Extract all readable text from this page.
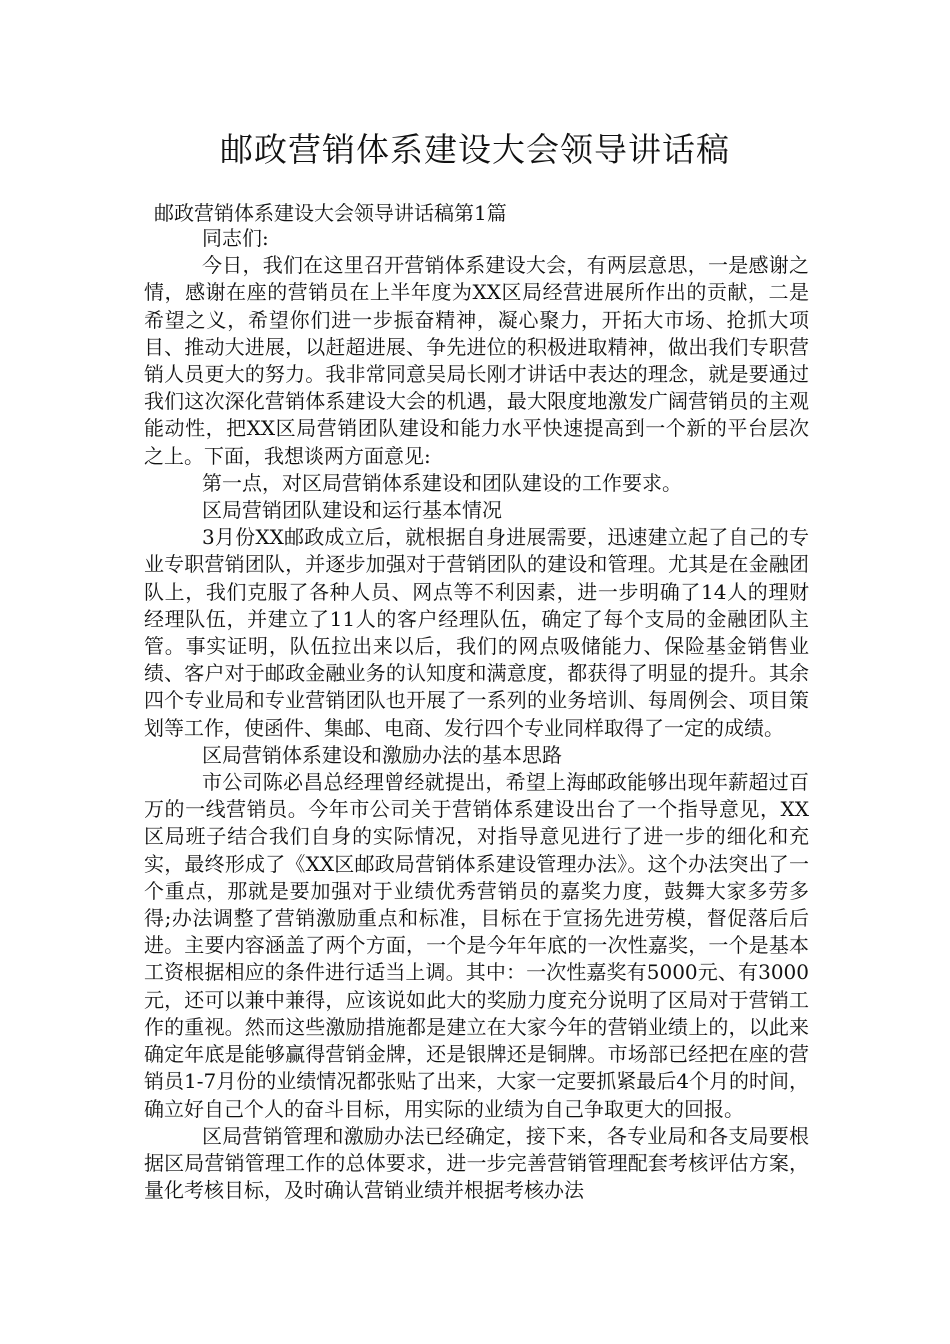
邮政营销体系建设大会领导讲话稿

邮政营销体系建设大会领导讲话稿第1篇

同志们:

今日，我们在这里召开营销体系建设大会，有两层意思，一是感谢之情，感谢在座的营销员在上半年度为XX区局经营进展所作出的贡献，二是希望之义，希望你们进一步振奋精神，凝心聚力，开拓大市场、抢抓大项目、推动大进展，以赶超进展、争先进位的积极进取精神，做出我们专职营销人员更大的努力。我非常同意吴局长刚才讲话中表达的理念，就是要通过我们这次深化营销体系建设大会的机遇，最大限度地激发广阔营销员的主观能动性，把XX区局营销团队建设和能力水平快速提高到一个新的平台层次之上。下面，我想谈两方面意见:

第一点，对区局营销体系建设和团队建设的工作要求。

区局营销团队建设和运行基本情况

3月份XX邮政成立后，就根据自身进展需要，迅速建立起了自己的专业专职营销团队，并逐步加强对于营销团队的建设和管理。尤其是在金融团队上，我们克服了各种人员、网点等不利因素，进一步明确了14人的理财经理队伍，并建立了11人的客户经理队伍，确定了每个支局的金融团队主管。事实证明，队伍拉出来以后，我们的网点吸储能力、保险基金销售业绩、客户对于邮政金融业务的认知度和满意度，都获得了明显的提升。其余四个专业局和专业营销团队也开展了一系列的业务培训、每周例会、项目策划等工作，使函件、集邮、电商、发行四个专业同样取得了一定的成绩。

区局营销体系建设和激励办法的基本思路

市公司陈必昌总经理曾经就提出，希望上海邮政能够出现年薪超过百万的一线营销员。今年市公司关于营销体系建设出台了一个指导意见，XX区局班子结合我们自身的实际情况，对指导意见进行了进一步的细化和充实，最终形成了《XX区邮政局营销体系建设管理办法》。这个办法突出了一个重点，那就是要加强对于业绩优秀营销员的嘉奖力度，鼓舞大家多劳多得;办法调整了营销激励重点和标准，目标在于宣扬先进劳模，督促落后后进。主要内容涵盖了两个方面，一个是今年年底的一次性嘉奖，一个是基本工资根据相应的条件进行适当上调。其中：一次性嘉奖有5000元、有3000元，还可以兼中兼得，应该说如此大的奖励力度充分说明了区局对于营销工作的重视。然而这些激励措施都是建立在大家今年的营销业绩上的，以此来确定年底是能够赢得营销金牌，还是银牌还是铜牌。市场部已经把在座的营销员1-7月份的业绩情况都张贴了出来，大家一定要抓紧最后4个月的时间，确立好自己个人的奋斗目标，用实际的业绩为自己争取更大的回报。

区局营销管理和激励办法已经确定，接下来，各专业局和各支局要根据区局营销管理工作的总体要求，进一步完善营销管理配套考核评估方案，量化考核目标，及时确认营销业绩并根据考核办法
